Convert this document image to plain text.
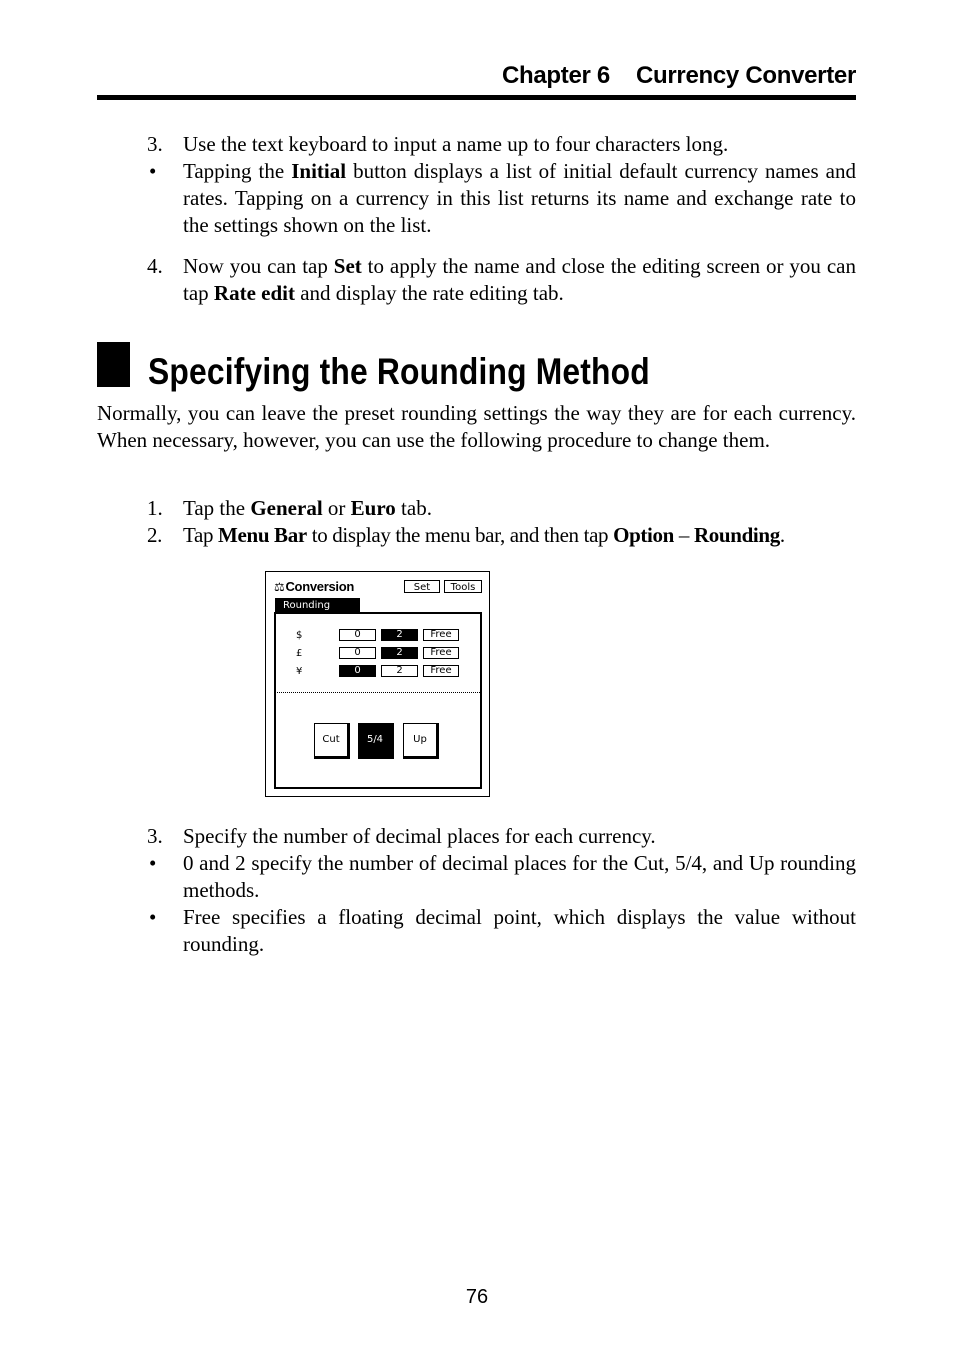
Chapter 6 Currency Converter
3. Use the text keyboard to input a name up to four characters long.
•	Tapping the Initial button displays a list of initial default currency names and rates. Tapping on a currency in this list returns its name and exchange rate to the settings shown on the list.
4. Now you can tap Set to apply the name and close the editing screen or you can tap Rate edit and display the rate editing tab.
Specifying the Rounding Method
Normally, you can leave the preset rounding settings the way they are for each currency. When necessary, however, you can use the following procedure to change them.
1. Tap the General or Euro tab.
2. Tap Menu Bar to display the menu bar, and then tap Option – Rounding.
⚖Conversion	Set	Tools
Rounding
$	0	2	Free
£	0	2	Free
¥	0	2	Free
Cut	5/4	Up
3. Specify the number of decimal places for each currency.
•	0 and 2 specify the number of decimal places for the Cut, 5/4, and Up rounding methods.
•	Free specifies a floating decimal point, which displays the value without rounding.
76
